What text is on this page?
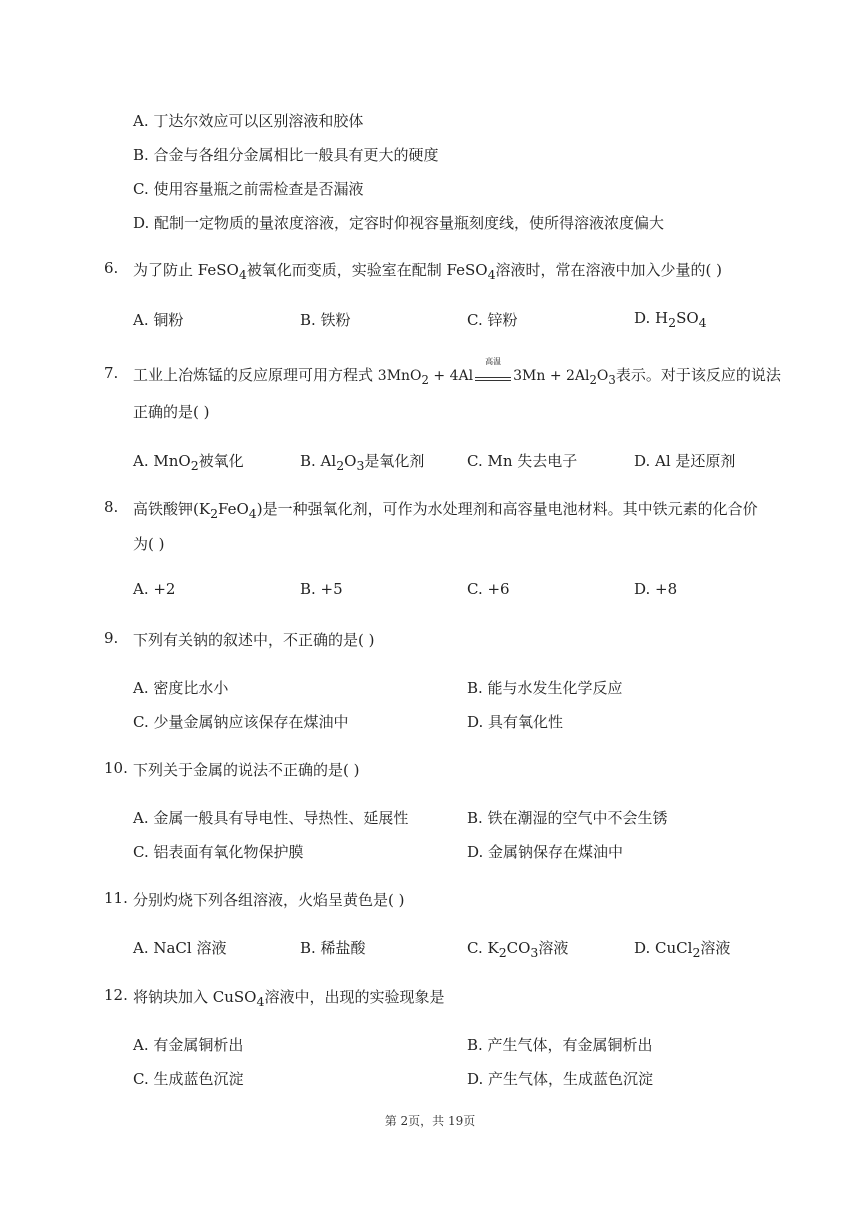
A. 丁达尔效应可以区别溶液和胶体
B. 合金与各组分金属相比一般具有更大的硬度
C. 使用容量瓶之前需检查是否漏液
D. 配制一定物质的量浓度溶液，定容时仰视容量瓶刻度线，使所得溶液浓度偏大
6. 为了防止 FeSO$_4$被氧化而变质，实验室在配制 FeSO$_4$溶液时，常在溶液中加入少量的( )
A. 铜粉	B. 铁粉	C. 锌粉	D. $H_2SO_4$
7. 工业上冶炼锰的反应原理可用方程式 3MnO$_2$ + 4Al
高温
$3Mn + 2Al_2O_3$表示。对于该反应的说法
正确的是( )
A. MnO$_2$被氧化	B. $Al_2O_3$是氧化剂	C. Mn 失去电子	D. Al 是还原剂
8. 高铁酸钾$(K_2FeO_4)$是一种强氧化剂，可作为水处理剂和高容量电池材料。其中铁元素的化合价
为( )
A. +2	B. +5	C. +6	D. +8
9. 下列有关钠的叙述中，不正确的是( )
A. 密度比水小	B. 能与水发生化学反应
C. 少量金属钠应该保存在煤油中	D. 具有氧化性
10. 下列关于金属的说法不正确的是( )
A. 金属一般具有导电性、导热性、延展性	B. 铁在潮湿的空气中不会生锈
C. 铝表面有氧化物保护膜	D. 金属钠保存在煤油中
11. 分别灼烧下列各组溶液，火焰呈黄色是( )
A. NaCl 溶液	B. 稀盐酸	C. $K_2CO_3$溶液	D. CuCl$_2$溶液
12. 将钠块加入 CuSO$_4$溶液中，出现的实验现象是
A. 有金属铜析出	B. 产生气体，有金属铜析出
C. 生成蓝色沉淀	D. 产生气体，生成蓝色沉淀
第 2页，共 19页
